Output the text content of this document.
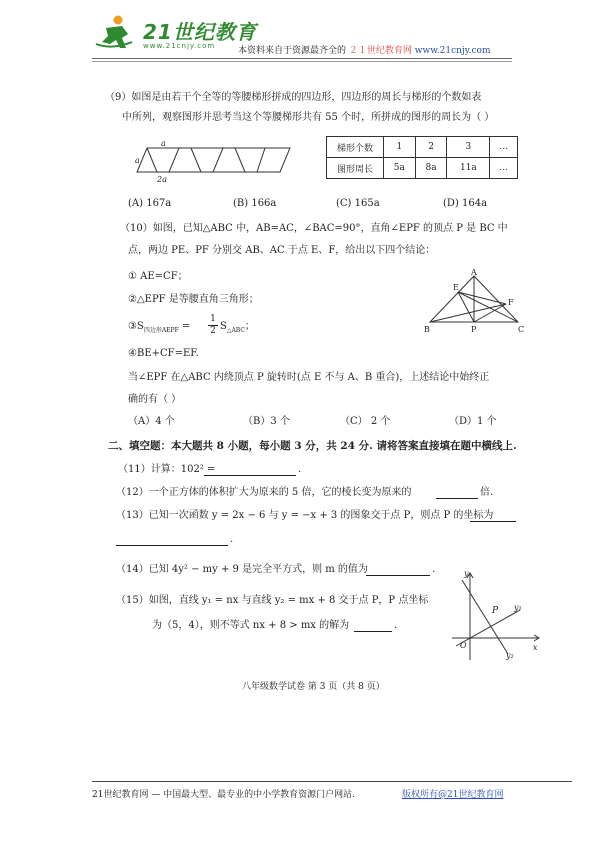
21世纪教育
www.21cnjy.com	本资料来自于资源最齐全的 ２１世纪教育网 www.21cnjy.com
（9）如图是由若干个全等的等腰梯形拼成的四边形，四边形的周长与梯形的个数如表
中所列，观察图形并思考当这个等腰梯形共有 55 个时，所拼成的图形的周长为（ ）
a
a
2a
梯形个数	1	2	3	…
图形周长	5a	8a	11a	…
(A) 167a	(B) 166a	(C) 165a	(D) 164a
（10）如图，已知△ABC 中，AB=AC，∠BAC=90°，直角∠EPF 的顶点 P 是 BC 中
点，两边 PE、PF 分别交 AB、AC 于点 E、F，给出以下四个结论：
① AE=CF；
②△EPF 是等腰直角三角形；
$③S_{四边形AEPF}$ =
1
2 $S_{\triangle ABC}$；
④BE+CF=EF.
当∠EPF 在△ABC 内绕顶点 P 旋转时(点 E 不与 A、B 重合)，上述结论中始终正
确的有（ ）
A
E
F
B	P	C
（A）4 个	（B）3 个	（C） 2 个	（D）1 个
二、填空题：本大题共 8 小题，每小题 3 分，共 24 分. 请将答案直接填在题中横线上.
（11）计算：102² =	.
（12）一个正方体的体积扩大为原来的 5 倍，它的棱长变为原来的	倍.
（13）已知一次函数 y = 2x − 6 与 y = −x + 3 的图象交于点 P，则点 P 的坐标为
.
（14）已知 4y² − my + 9 是完全平方式，则 m 的值为	.
（15）如图，直线 y₁ = nx 与直线 y₂ = mx + 8 交于点 P，P 点坐标
为（5，4），则不等式 nx + 8 > mx 的解为	.
y
x
P
O
y₁
y₂
八年级数学试卷 第 3 页（共 8 页）
21世纪教育网 — 中国最大型、最专业的中小学教育资源门户网站.	版权所有@21世纪教育网
